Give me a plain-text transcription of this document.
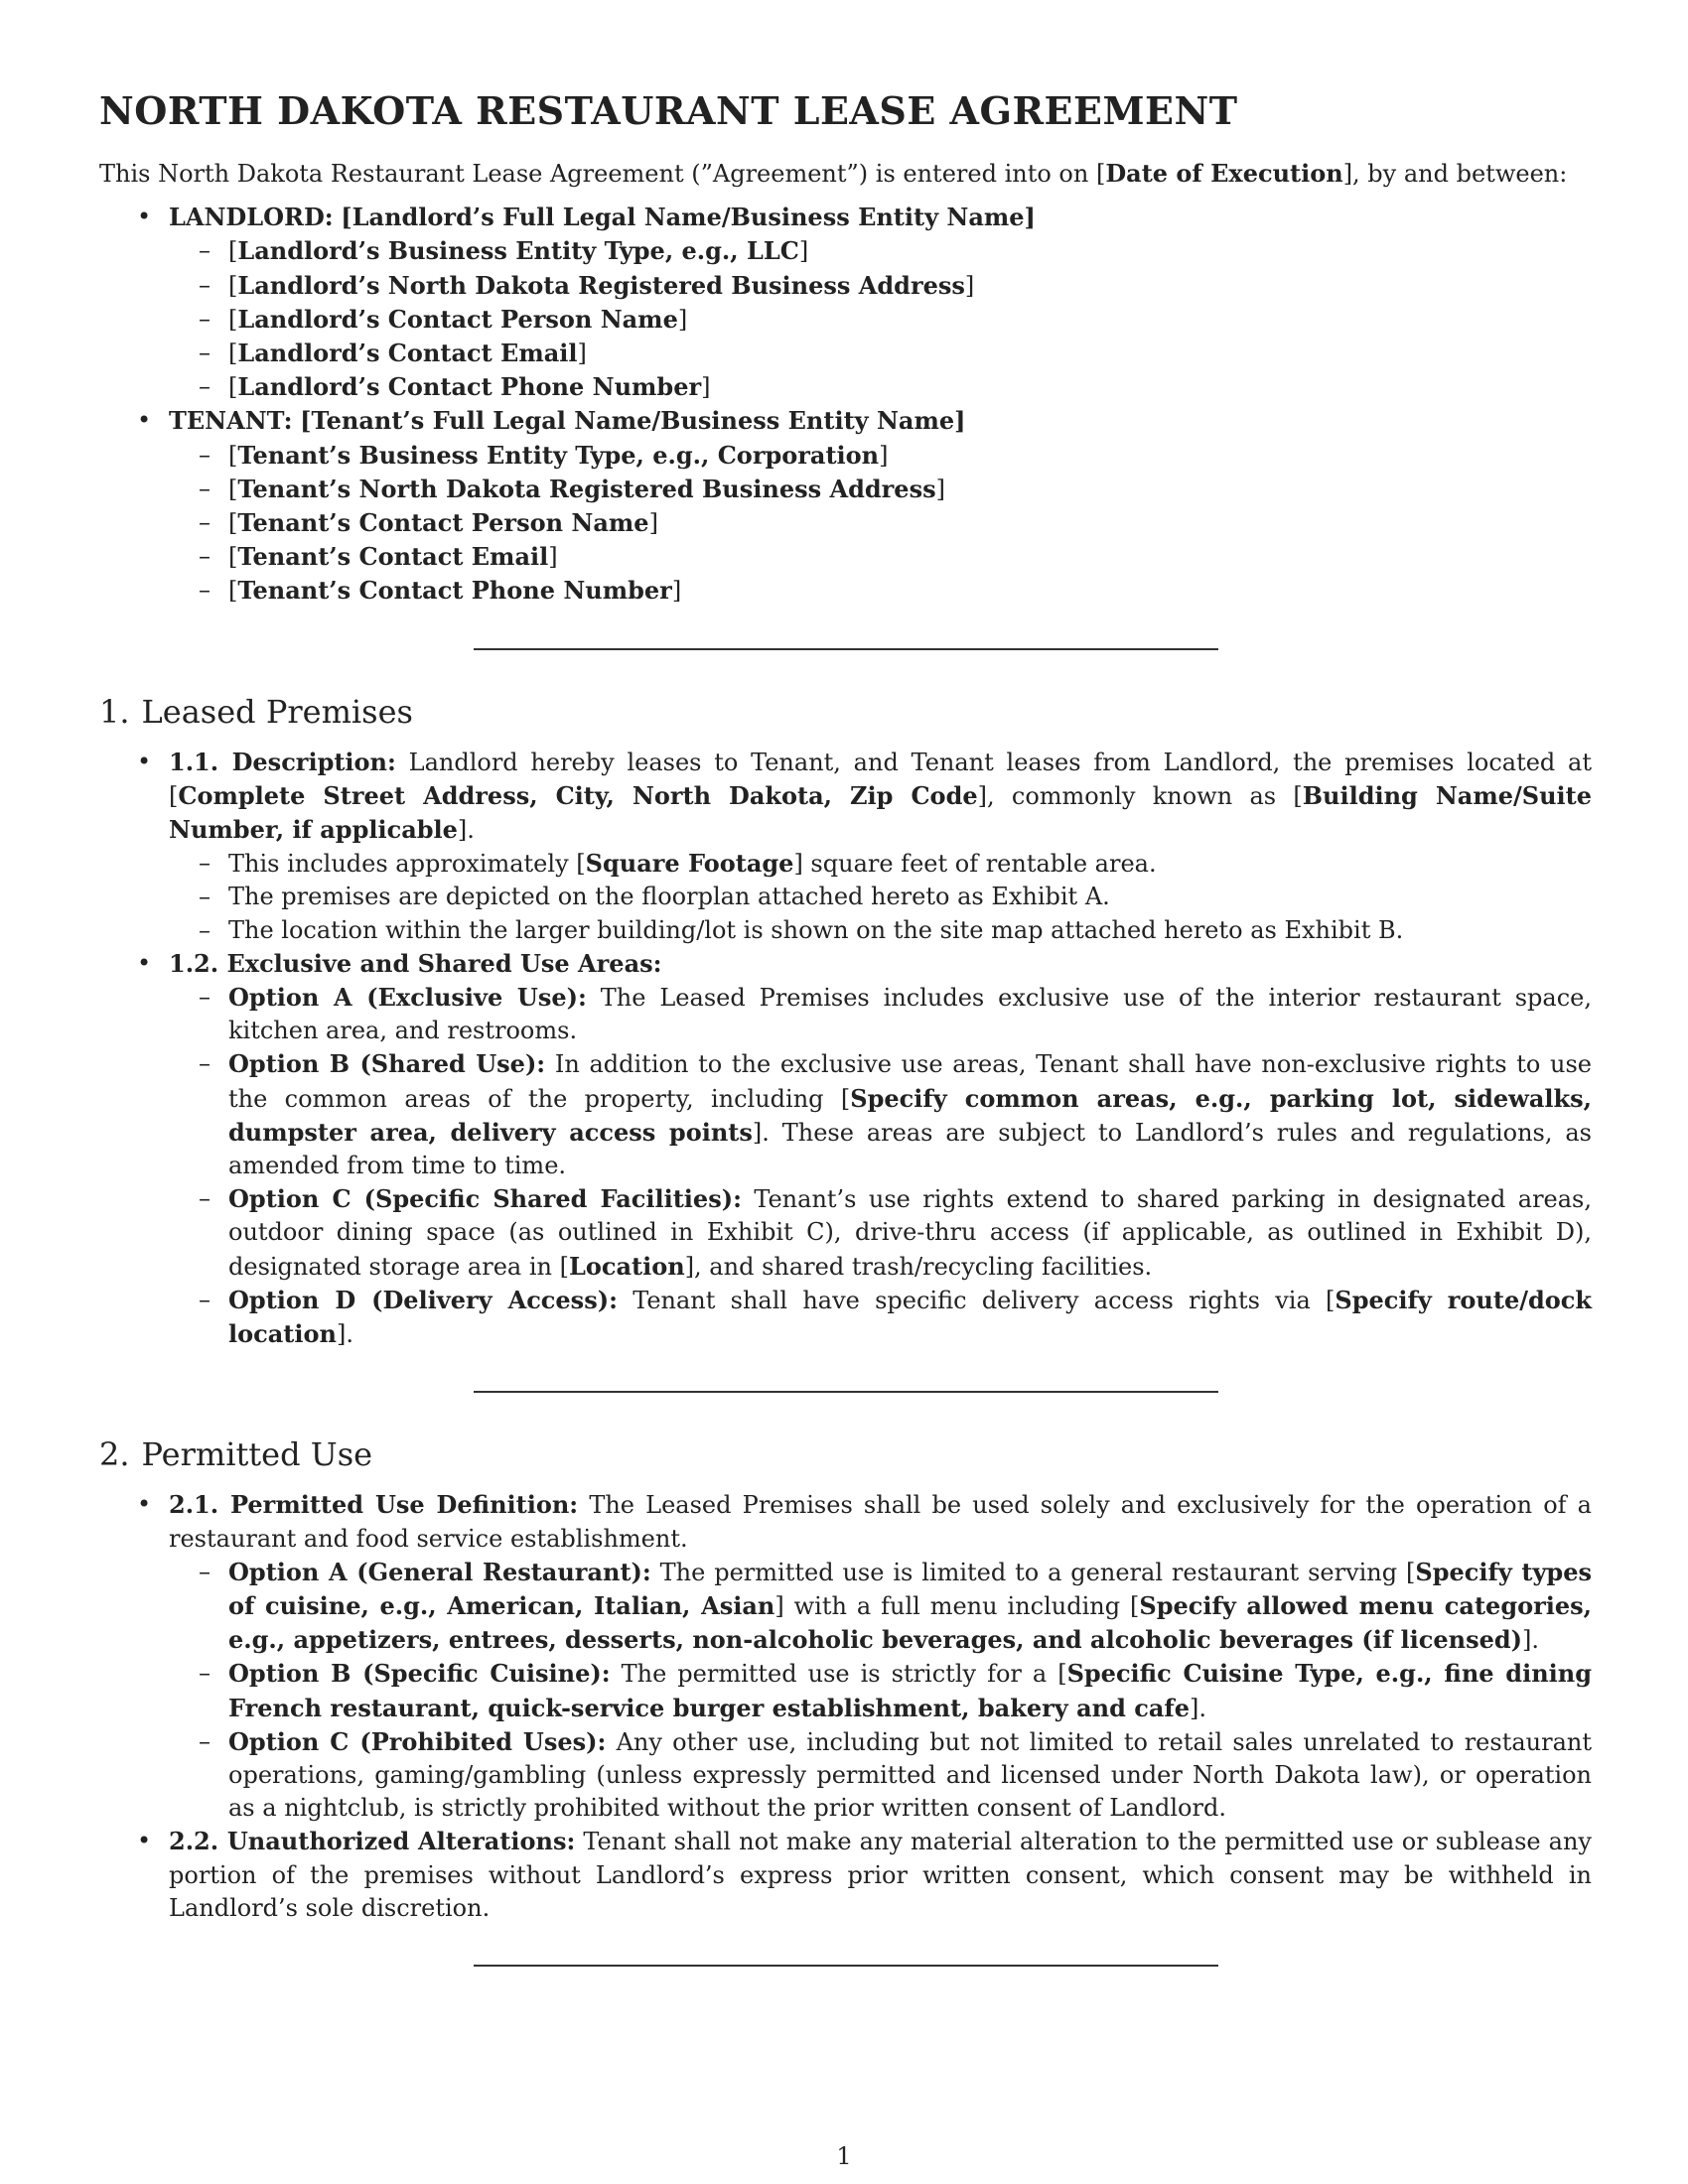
NORTH DAKOTA RESTAURANT LEASE AGREEMENT

This North Dakota Restaurant Lease Agreement (”Agreement”) is entered into on [Date of Execution], by and between:

• LANDLORD: [Landlord’s Full Legal Name/Business Entity Name]
– [Landlord’s Business Entity Type, e.g., LLC]
– [Landlord’s North Dakota Registered Business Address]
– [Landlord’s Contact Person Name]
– [Landlord’s Contact Email]
– [Landlord’s Contact Phone Number]
• TENANT: [Tenant’s Full Legal Name/Business Entity Name]
– [Tenant’s Business Entity Type, e.g., Corporation]
– [Tenant’s North Dakota Registered Business Address]
– [Tenant’s Contact Person Name]
– [Tenant’s Contact Email]
– [Tenant’s Contact Phone Number]
1. Leased Premises
• 1.1. Description: Landlord hereby leases to Tenant, and Tenant leases from Landlord, the premises located at [Complete Street Address, City, North Dakota, Zip Code], commonly known as [Building Name/Suite Number, if applicable].
– This includes approximately [Square Footage] square feet of rentable area.
– The premises are depicted on the floorplan attached hereto as Exhibit A.
– The location within the larger building/lot is shown on the site map attached hereto as Exhibit B.
• 1.2. Exclusive and Shared Use Areas:
– Option A (Exclusive Use): The Leased Premises includes exclusive use of the interior restaurant space, kitchen area, and restrooms.
– Option B (Shared Use): In addition to the exclusive use areas, Tenant shall have non-exclusive rights to use the common areas of the property, including [Specify common areas, e.g., parking lot, sidewalks, dumpster area, delivery access points]. These areas are subject to Landlord’s rules and regulations, as amended from time to time.
– Option C (Specific Shared Facilities): Tenant’s use rights extend to shared parking in designated areas, outdoor dining space (as outlined in Exhibit C), drive-thru access (if applicable, as outlined in Exhibit D), designated storage area in [Location], and shared trash/recycling facilities.
– Option D (Delivery Access): Tenant shall have specific delivery access rights via [Specify route/dock location].
2. Permitted Use
• 2.1. Permitted Use Definition: The Leased Premises shall be used solely and exclusively for the operation of a restaurant and food service establishment.
– Option A (General Restaurant): The permitted use is limited to a general restaurant serving [Specify types of cuisine, e.g., American, Italian, Asian] with a full menu including [Specify allowed menu categories, e.g., appetizers, entrees, desserts, non-alcoholic beverages, and alcoholic beverages (if licensed)].
– Option B (Specific Cuisine): The permitted use is strictly for a [Specific Cuisine Type, e.g., fine dining French restaurant, quick-service burger establishment, bakery and cafe].
– Option C (Prohibited Uses): Any other use, including but not limited to retail sales unrelated to restaurant operations, gaming/gambling (unless expressly permitted and licensed under North Dakota law), or operation as a nightclub, is strictly prohibited without the prior written consent of Landlord.
• 2.2. Unauthorized Alterations: Tenant shall not make any material alteration to the permitted use or sublease any portion of the premises without Landlord’s express prior written consent, which consent may be withheld in Landlord’s sole discretion.
1
